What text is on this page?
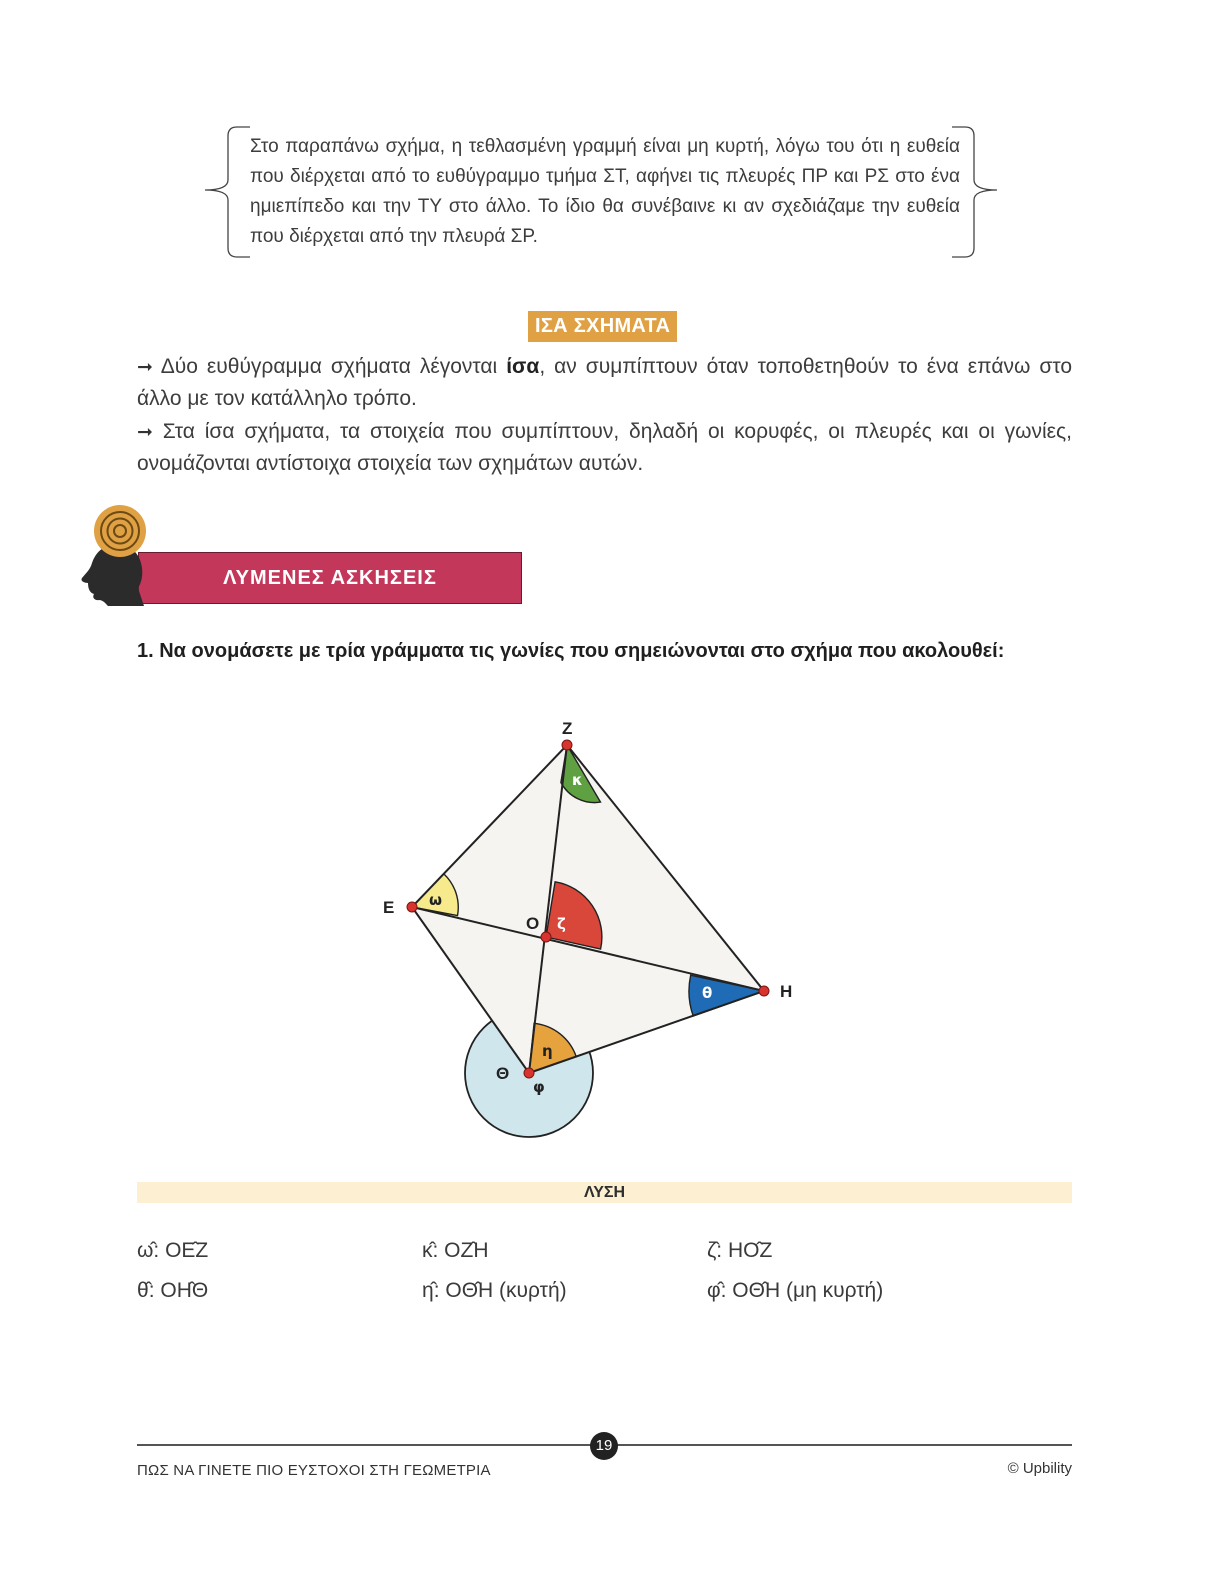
Στο παραπάνω σχήμα, η τεθλασμένη γραμμή είναι μη κυρτή, λόγω του ότι η ευθεία που διέρχεται από το ευθύγραμμο τμήμα ΣΤ, αφήνει τις πλευρές ΠΡ και ΡΣ στο ένα ημιεπίπεδο και την ΤΥ στο άλλο. Το ίδιο θα συνέβαινε κι αν σχεδιάζαμε την ευθεία που διέρχεται από την πλευρά ΣΡ.
ΙΣΑ ΣΧΗΜΑΤΑ
➞ Δύο ευθύγραμμα σχήματα λέγονται ίσα, αν συμπίπτουν όταν τοποθετηθούν το ένα επάνω στο άλλο με τον κατάλληλο τρόπο.
➞ Στα ίσα σχήματα, τα στοιχεία που συμπίπτουν, δηλαδή οι κορυφές, οι πλευρές και οι γωνίες, ονομάζονται αντίστοιχα στοιχεία των σχημάτων αυτών.
ΛΥΜΕΝΕΣ ΑΣΚΗΣΕΙΣ
1. Να ονομάσετε με τρία γράμματα τις γωνίες που σημειώνονται στο σχήμα που ακολουθεί:
Z
E
O
H
Θ
κ
ω
ζ
θ
η
φ
ΛΥΣΗ
ω̂: ΟΕ̂Ζ	κ̂: ΟΖ̂Η	ζ̂: ΗΟ̂Ζ
θ̂: ΟΗ̂Θ	η̂: ΟΘ̂Η (κυρτή)	φ̂: ΟΘ̂Η (μη κυρτή)
19
ΠΩΣ ΝΑ ΓΙΝΕΤΕ ΠΙΟ ΕΥΣΤΟΧΟΙ ΣΤΗ ΓΕΩΜΕΤΡΙΑ	© Upbility
